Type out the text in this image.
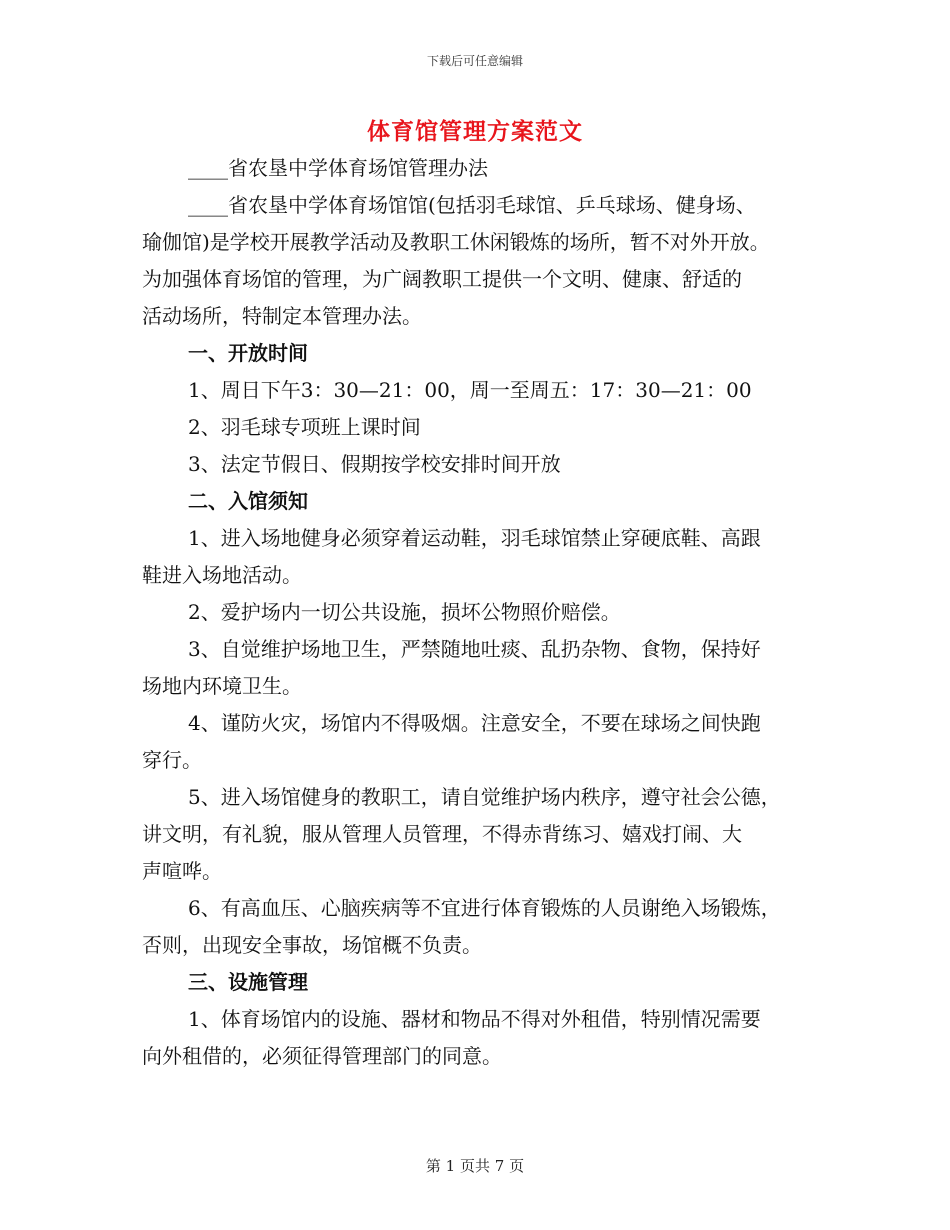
下载后可任意编辑
体育馆管理方案范文
____省农垦中学体育场馆管理办法
____省农垦中学体育场馆馆(包括羽毛球馆、乒乓球场、健身场、
瑜伽馆)是学校开展教学活动及教职工休闲锻炼的场所，暂不对外开放。
为加强体育场馆的管理，为广阔教职工提供一个文明、健康、舒适的
活动场所，特制定本管理办法。
一、开放时间
1、周日下午3：30—21：00，周一至周五：17：30—21：00
2、羽毛球专项班上课时间
3、法定节假日、假期按学校安排时间开放
二、入馆须知
1、进入场地健身必须穿着运动鞋，羽毛球馆禁止穿硬底鞋、高跟
鞋进入场地活动。
2、爱护场内一切公共设施，损坏公物照价赔偿。
3、自觉维护场地卫生，严禁随地吐痰、乱扔杂物、食物，保持好
场地内环境卫生。
4、谨防火灾，场馆内不得吸烟。注意安全，不要在球场之间快跑
穿行。
5、进入场馆健身的教职工，请自觉维护场内秩序，遵守社会公德，
讲文明，有礼貌，服从管理人员管理，不得赤背练习、嬉戏打闹、大
声喧哗。
6、有高血压、心脑疾病等不宜进行体育锻炼的人员谢绝入场锻炼，
否则，出现安全事故，场馆概不负责。
三、设施管理
1、体育场馆内的设施、器材和物品不得对外租借，特别情况需要
向外租借的，必须征得管理部门的同意。
第 1 页共 7 页
